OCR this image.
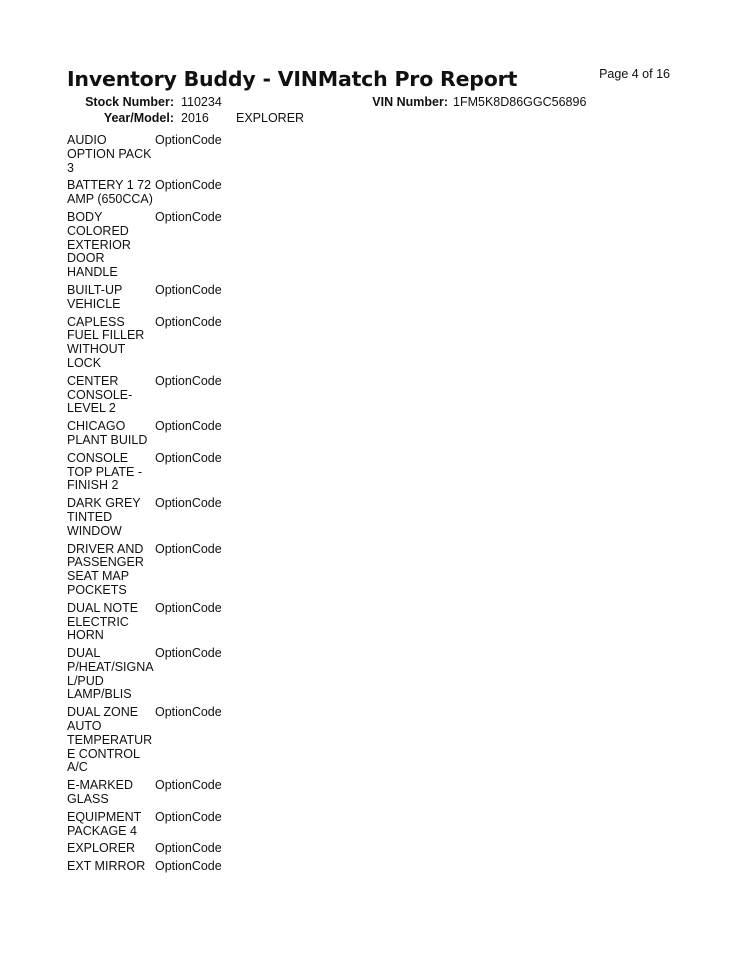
Inventory Buddy - VINMatch Pro Report	Page 4 of 16
Stock Number: 110234
Year/Model: 2016 EXPLORER
VIN Number: 1FM5K8D86GGC56896
AUDIO OPTION PACK 3
OptionCode
BATTERY 1 72 AMP (650CCA)
OptionCode
BODY COLORED EXTERIOR DOOR HANDLE
OptionCode
BUILT-UP VEHICLE
OptionCode
CAPLESS FUEL FILLER WITHOUT LOCK
OptionCode
CENTER CONSOLE-LEVEL 2
OptionCode
CHICAGO PLANT BUILD
OptionCode
CONSOLE TOP PLATE - FINISH 2
OptionCode
DARK GREY TINTED WINDOW
OptionCode
DRIVER AND PASSENGER SEAT MAP POCKETS
OptionCode
DUAL NOTE ELECTRIC HORN
OptionCode
DUAL P/HEAT/SIGNAL/PUD LAMP/BLIS
OptionCode
DUAL ZONE AUTO TEMPERATURE CONTROL A/C
OptionCode
E-MARKED GLASS
OptionCode
EQUIPMENT PACKAGE 4
OptionCode
EXPLORER	OptionCode
EXT MIRROR OptionCode
